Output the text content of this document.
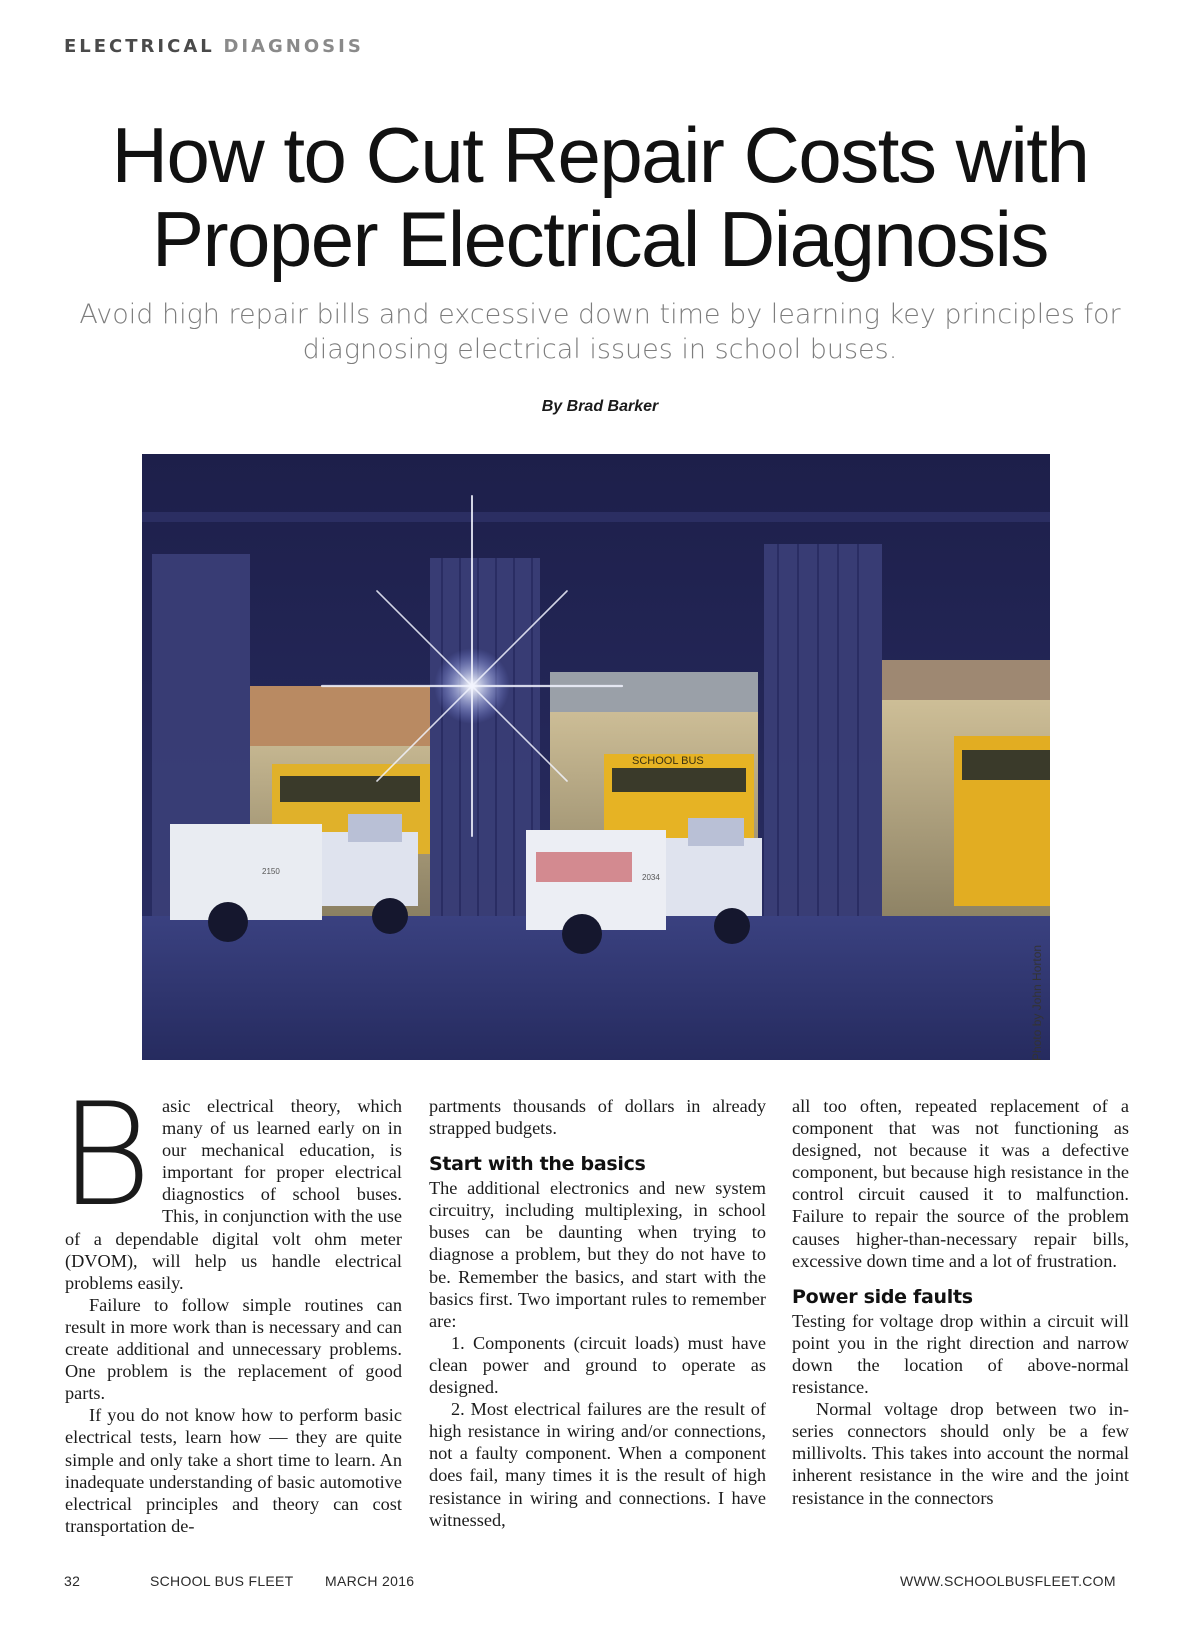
ELECTRICAL DIAGNOSIS
How to Cut Repair Costs with
Proper Electrical Diagnosis

Avoid high repair bills and excessive down time by learning key principles for
diagnosing electrical issues in school buses.

By Brad Barker
SCHOOL BUS
2150
2034
Photo by John Horton
B asic electrical theory, which many of us learned early on in our mechanical education, is important for proper electrical diagnostics of school buses. This, in conjunction with the use of a dependable digital volt ohm meter (DVOM), will help us handle electrical problems easily.

Failure to follow simple routines can result in more work than is necessary and can create additional and unnecessary problems. One problem is the replacement of good parts.

If you do not know how to perform basic electrical tests, learn how — they are quite simple and only take a short time to learn. An inadequate understanding of basic automotive electrical principles and theory can cost transportation de-

partments thousands of dollars in already strapped budgets.

Start with the basics

The additional electronics and new system circuitry, including multiplexing, in school buses can be daunting when trying to diagnose a problem, but they do not have to be. Remember the basics, and start with the basics first. Two important rules to remember are:

1. Components (circuit loads) must have clean power and ground to operate as designed.

2. Most electrical failures are the result of high resistance in wiring and/or connections, not a faulty component. When a component does fail, many times it is the result of high resistance in wiring and connections. I have witnessed,

all too often, repeated replacement of a component that was not functioning as designed, not because it was a defective component, but because high resistance in the control circuit caused it to malfunction. Failure to repair the source of the problem causes higher-than-necessary repair bills, excessive down time and a lot of frustration.

Power side faults

Testing for voltage drop within a circuit will point you in the right direction and narrow down the location of above-normal resistance.

Normal voltage drop between two in-series connectors should only be a few millivolts. This takes into account the normal inherent resistance in the wire and the joint resistance in the connectors

32	SCHOOL BUS FLEET MARCH 2016	WWW.SCHOOLBUSFLEET.COM
